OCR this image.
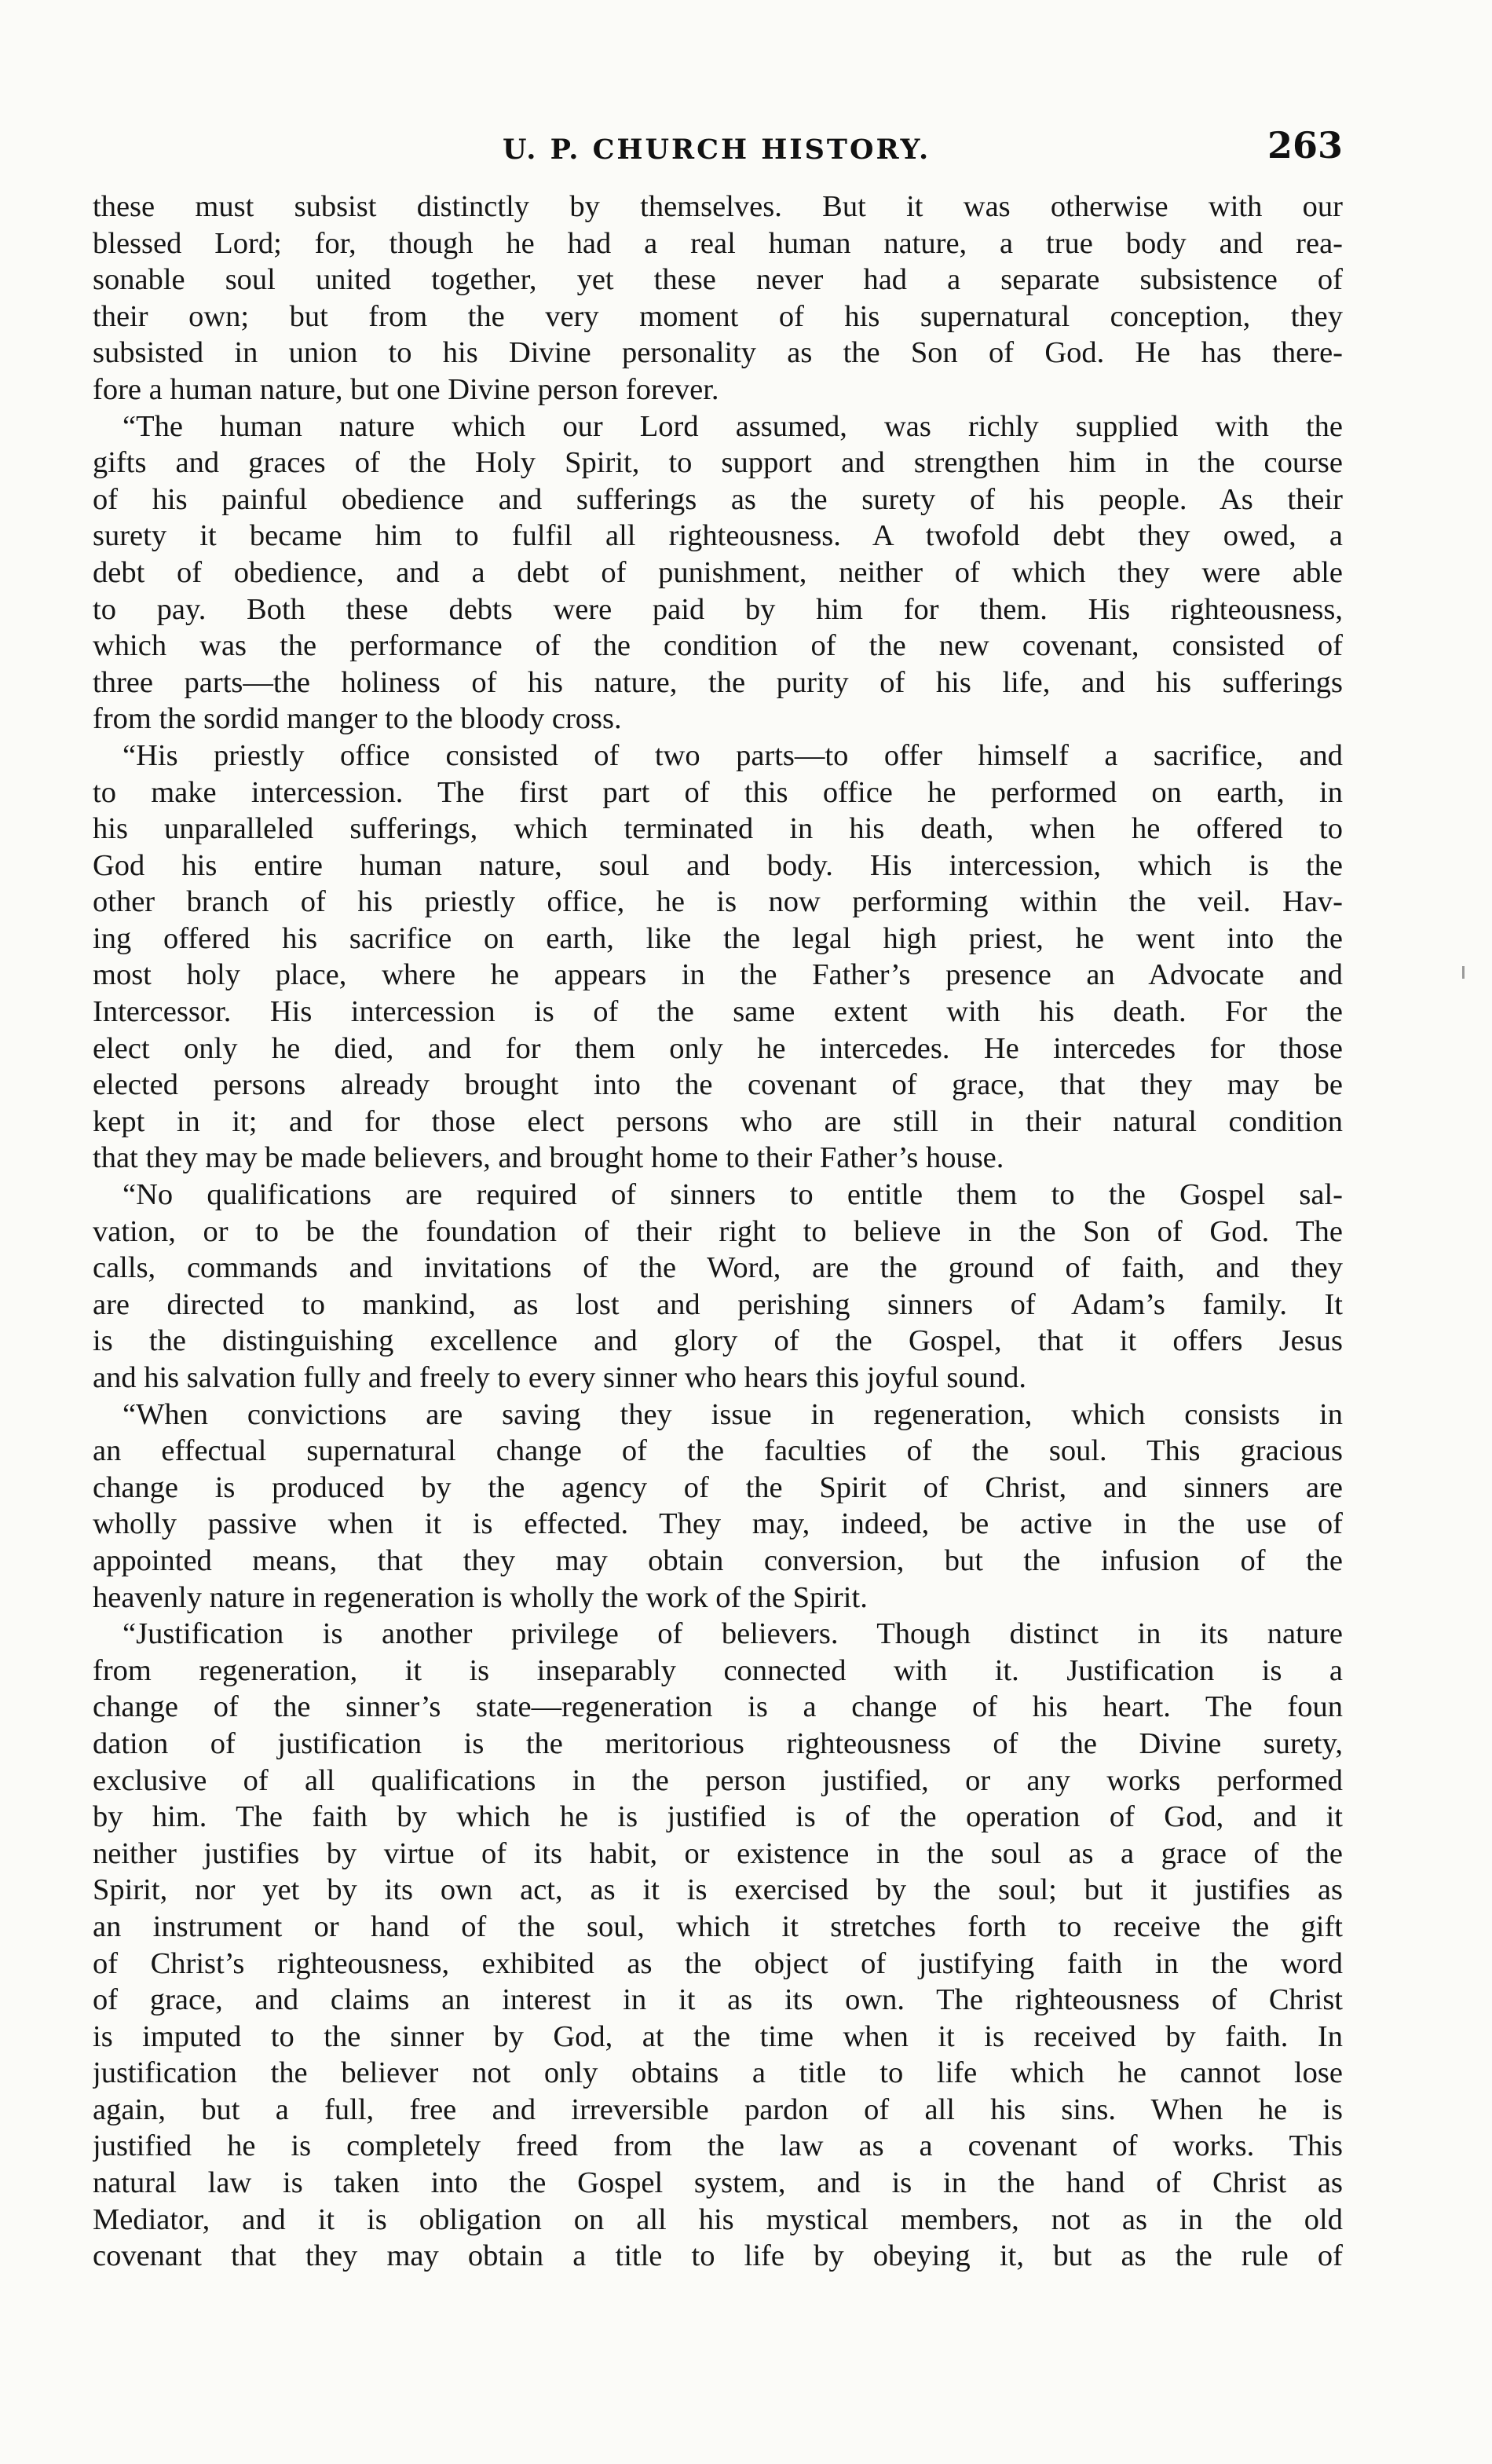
U. P. CHURCH HISTORY.	263
these must subsist distinctly by themselves. But it was otherwise with our
blessed Lord; for, though he had a real human nature, a true body and rea-
sonable soul united together, yet these never had a separate subsistence of
their own; but from the very moment of his supernatural conception, they
subsisted in union to his Divine personality as the Son of God. He has there-
fore a human nature, but one Divine person forever.
“The human nature which our Lord assumed, was richly supplied with the
gifts and graces of the Holy Spirit, to support and strengthen him in the course
of his painful obedience and sufferings as the surety of his people. As their
surety it became him to fulfil all righteousness. A twofold debt they owed, a
debt of obedience, and a debt of punishment, neither of which they were able
to pay. Both these debts were paid by him for them. His righteousness,
which was the performance of the condition of the new covenant, consisted of
three parts—the holiness of his nature, the purity of his life, and his sufferings
from the sordid manger to the bloody cross.
“His priestly office consisted of two parts—to offer himself a sacrifice, and
to make intercession. The first part of this office he performed on earth, in
his unparalleled sufferings, which terminated in his death, when he offered to
God his entire human nature, soul and body. His intercession, which is the
other branch of his priestly office, he is now performing within the veil. Hav-
ing offered his sacrifice on earth, like the legal high priest, he went into the
most holy place, where he appears in the Father’s presence an Advocate and
Intercessor. His intercession is of the same extent with his death. For the
elect only he died, and for them only he intercedes. He intercedes for those
elected persons already brought into the covenant of grace, that they may be
kept in it; and for those elect persons who are still in their natural condition
that they may be made believers, and brought home to their Father’s house.
“No qualifications are required of sinners to entitle them to the Gospel sal-
vation, or to be the foundation of their right to believe in the Son of God. The
calls, commands and invitations of the Word, are the ground of faith, and they
are directed to mankind, as lost and perishing sinners of Adam’s family. It
is the distinguishing excellence and glory of the Gospel, that it offers Jesus
and his salvation fully and freely to every sinner who hears this joyful sound.
“When convictions are saving they issue in regeneration, which consists in
an effectual supernatural change of the faculties of the soul. This gracious
change is produced by the agency of the Spirit of Christ, and sinners are
wholly passive when it is effected. They may, indeed, be active in the use of
appointed means, that they may obtain conversion, but the infusion of the
heavenly nature in regeneration is wholly the work of the Spirit.
“Justification is another privilege of believers. Though distinct in its nature
from regeneration, it is inseparably connected with it. Justification is a
change of the sinner’s state—regeneration is a change of his heart. The foun
dation of justification is the meritorious righteousness of the Divine surety,
exclusive of all qualifications in the person justified, or any works performed
by him. The faith by which he is justified is of the operation of God, and it
neither justifies by virtue of its habit, or existence in the soul as a grace of the
Spirit, nor yet by its own act, as it is exercised by the soul; but it justifies as
an instrument or hand of the soul, which it stretches forth to receive the gift
of Christ’s righteousness, exhibited as the object of justifying faith in the word
of grace, and claims an interest in it as its own. The righteousness of Christ
is imputed to the sinner by God, at the time when it is received by faith. In
justification the believer not only obtains a title to life which he cannot lose
again, but a full, free and irreversible pardon of all his sins. When he is
justified he is completely freed from the law as a covenant of works. This
natural law is taken into the Gospel system, and is in the hand of Christ as
Mediator, and it is obligation on all his mystical members, not as in the old
covenant that they may obtain a title to life by obeying it, but as the rule of
